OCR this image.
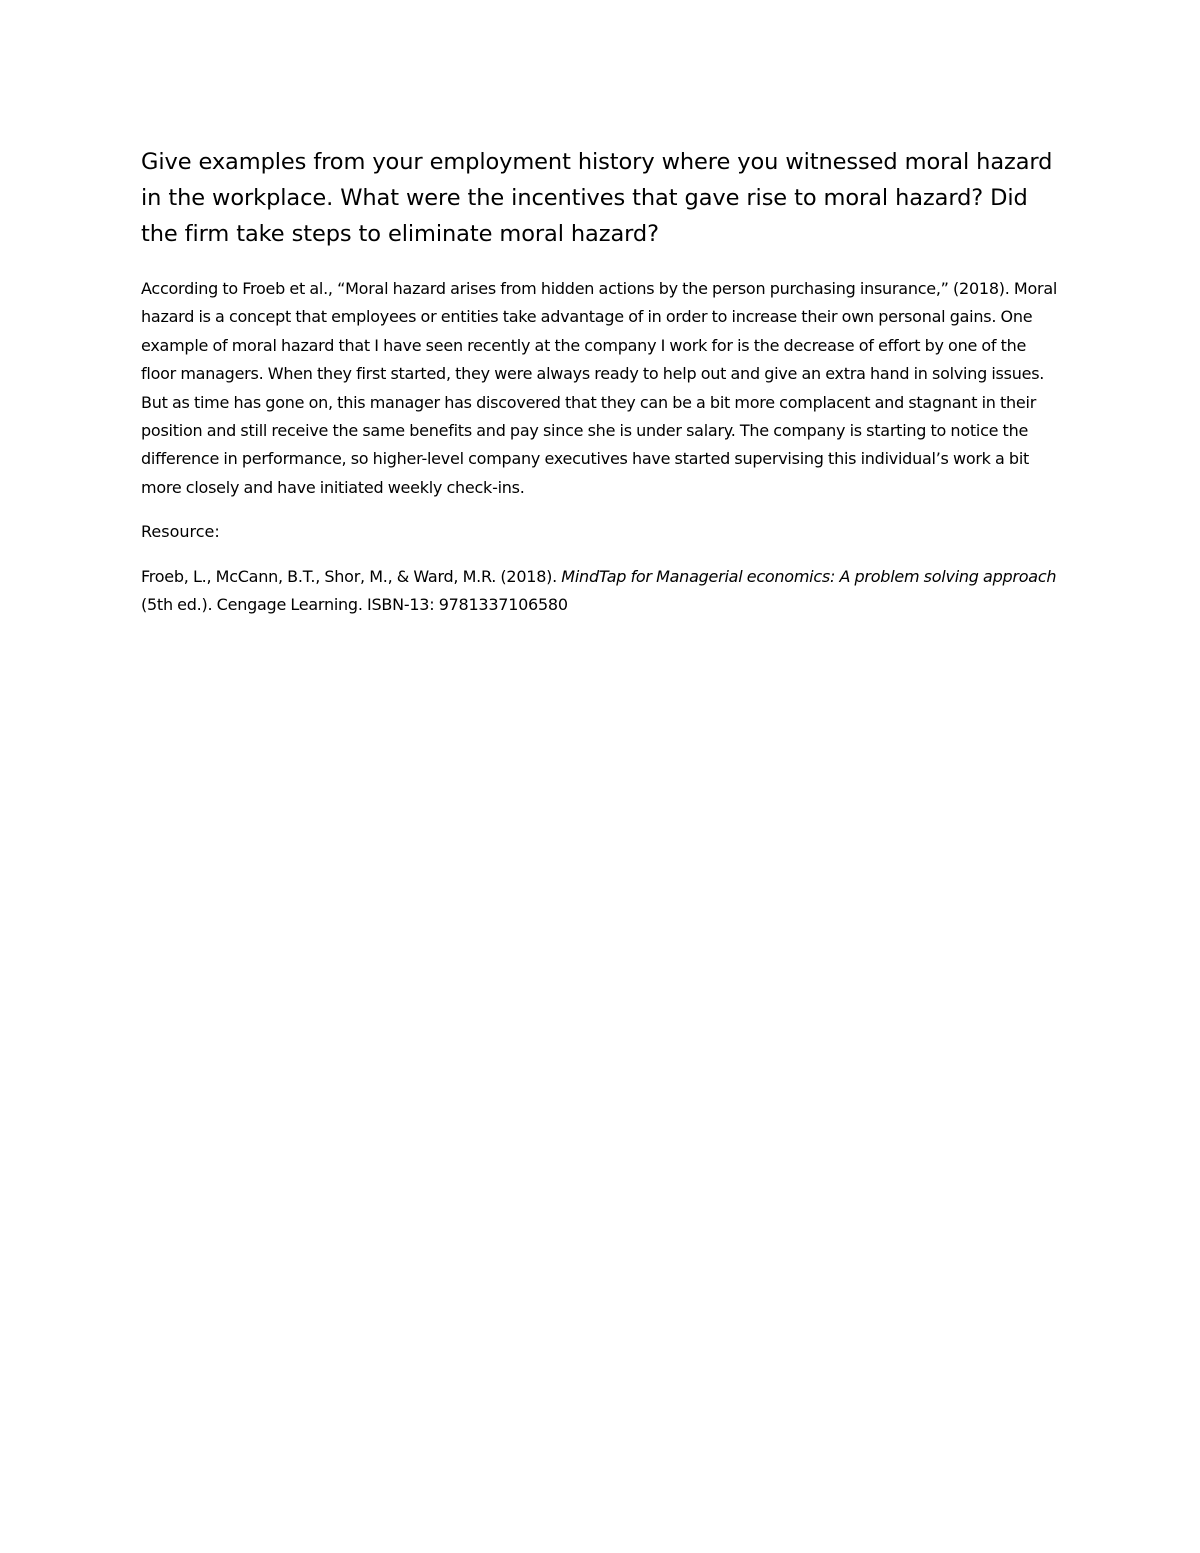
Give examples from your employment history where you witnessed moral hazard in the workplace. What were the incentives that gave rise to moral hazard? Did the firm take steps to eliminate moral hazard?

According to Froeb et al., “Moral hazard arises from hidden actions by the person purchasing insurance,” (2018). Moral hazard is a concept that employees or entities take advantage of in order to increase their own personal gains. One example of moral hazard that I have seen recently at the company I work for is the decrease of effort by one of the floor managers. When they first started, they were always ready to help out and give an extra hand in solving issues. But as time has gone on, this manager has discovered that they can be a bit more complacent and stagnant in their position and still receive the same benefits and pay since she is under salary. The company is starting to notice the difference in performance, so higher-level company executives have started supervising this individual’s work a bit more closely and have initiated weekly check-ins.

Resource:

Froeb, L., McCann, B.T., Shor, M., & Ward, M.R. (2018). MindTap for Managerial economics: A problem solving approach (5th ed.). Cengage Learning. ISBN-13: 9781337106580
